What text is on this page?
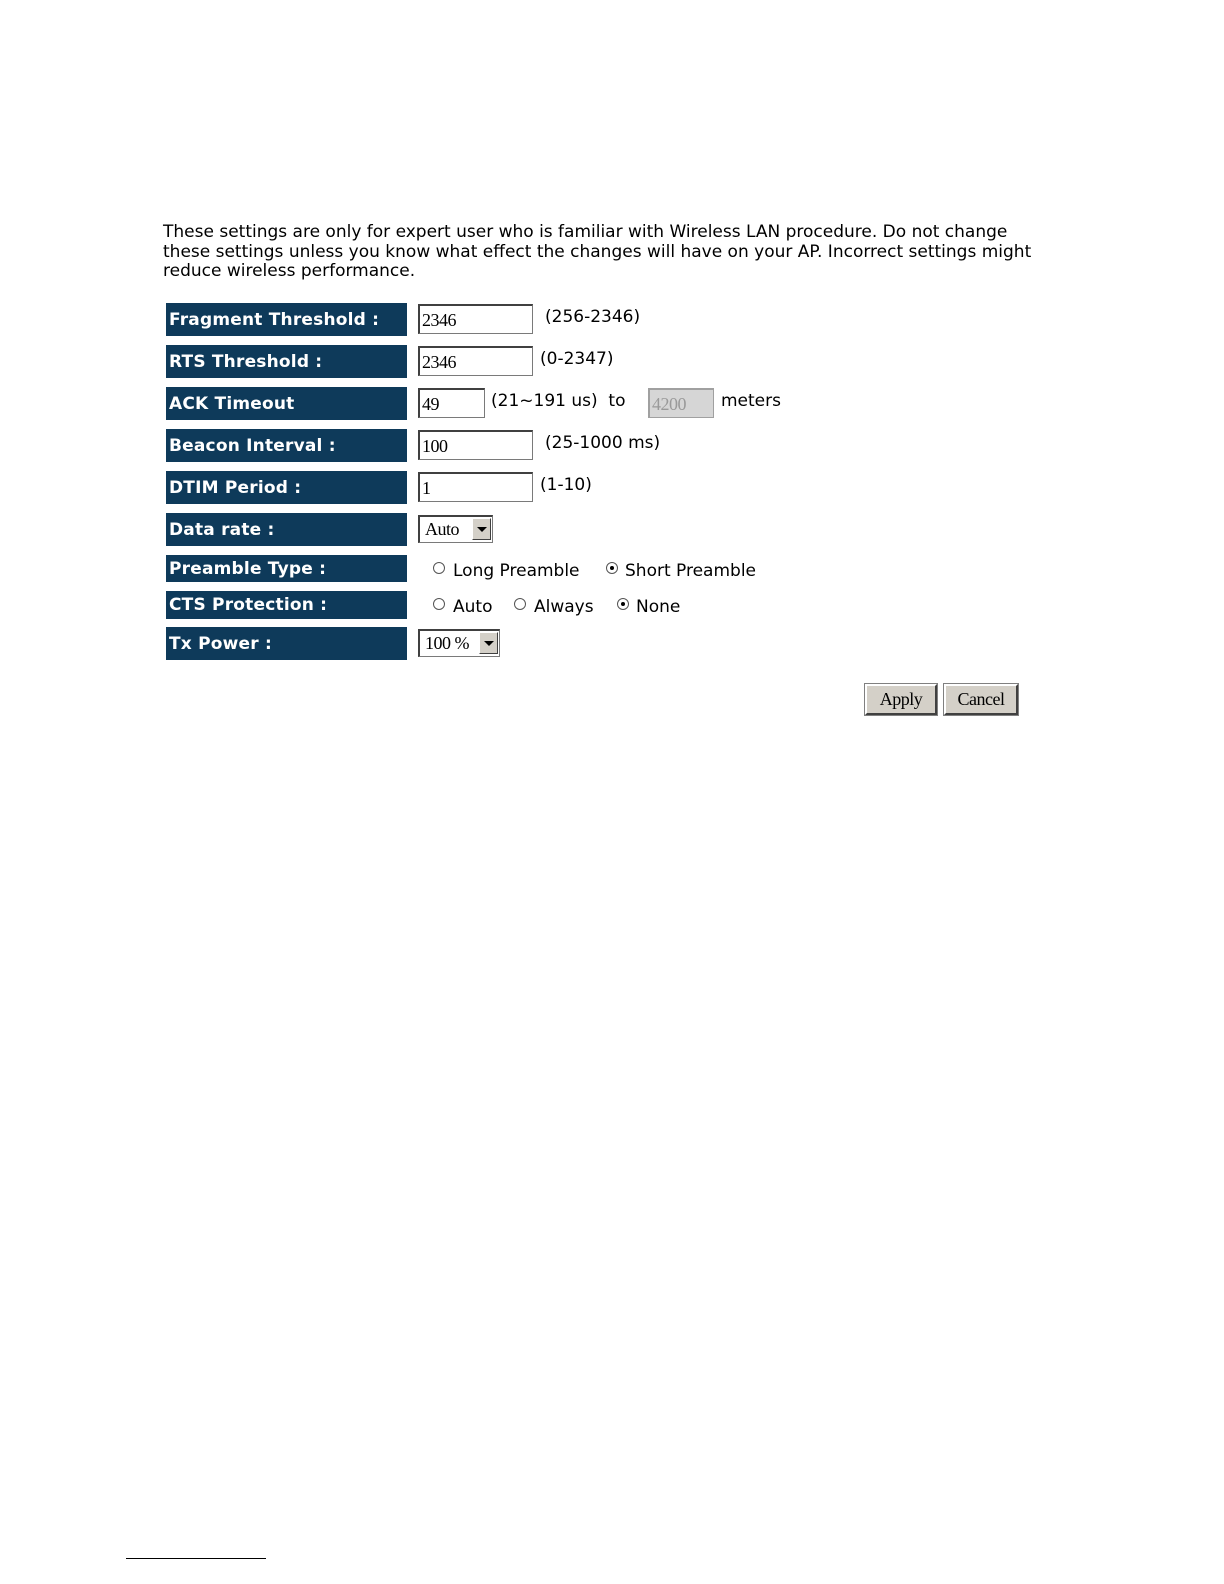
These settings are only for expert user who is familiar with Wireless LAN procedure. Do not change these settings unless you know what effect the changes will have on your AP. Incorrect settings might reduce wireless performance.
Fragment Threshold :	2346	(256-2346)
RTS Threshold :	2346	(0-2347)
ACK Timeout	49	(21~191 us)  to 4200	meters
Beacon Interval :	100	(25-1000 ms)
DTIM Period :	1	(1-10)
Data rate :	Auto
Preamble Type :	Long Preamble	Short Preamble
CTS Protection :	Auto Always None
Tx Power :	100 %
Apply	Cancel
